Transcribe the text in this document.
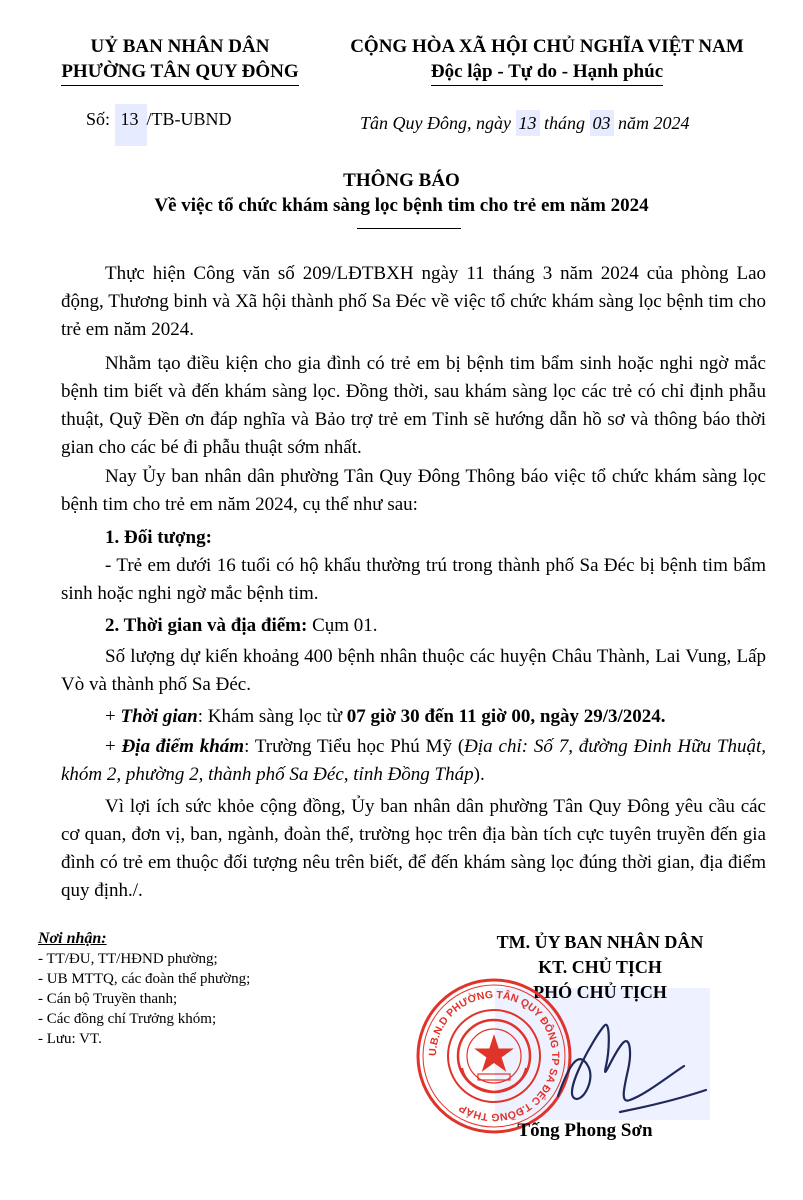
UỶ BAN NHÂN DÂN
PHƯỜNG TÂN QUY ĐÔNG
CỘNG HÒA XÃ HỘI CHỦ NGHĨA VIỆT NAM
Độc lập - Tự do - Hạnh phúc
Số: 13 /TB-UBND	Tân Quy Đông, ngày 13 tháng 03 năm 2024
THÔNG BÁO
Về việc tổ chức khám sàng lọc bệnh tim cho trẻ em năm 2024
Thực hiện Công văn số 209/LĐTBXH ngày 11 tháng 3 năm 2024 của phòng Lao động, Thương binh và Xã hội thành phố Sa Đéc về việc tổ chức khám sàng lọc bệnh tim cho trẻ em năm 2024.
Nhằm tạo điều kiện cho gia đình có trẻ em bị bệnh tim bẩm sinh hoặc nghi ngờ mắc bệnh tim biết và đến khám sàng lọc. Đồng thời, sau khám sàng lọc các trẻ có chỉ định phẫu thuật, Quỹ Đền ơn đáp nghĩa và Bảo trợ trẻ em Tỉnh sẽ hướng dẫn hồ sơ và thông báo thời gian cho các bé đi phẫu thuật sớm nhất.
Nay Ủy ban nhân dân phường Tân Quy Đông Thông báo việc tổ chức khám sàng lọc bệnh tim cho trẻ em năm 2024, cụ thể như sau:
1. Đối tượng:
- Trẻ em dưới 16 tuổi có hộ khẩu thường trú trong thành phố Sa Đéc bị bệnh tim bẩm sinh hoặc nghi ngờ mắc bệnh tim.
2. Thời gian và địa điểm: Cụm 01.
Số lượng dự kiến khoảng 400 bệnh nhân thuộc các huyện Châu Thành, Lai Vung, Lấp Vò và thành phố Sa Đéc.
+ Thời gian: Khám sàng lọc từ 07 giờ 30 đến 11 giờ 00, ngày 29/3/2024.
+ Địa điểm khám: Trường Tiểu học Phú Mỹ (Địa chỉ: Số 7, đường Đinh Hữu Thuật, khóm 2, phường 2, thành phố Sa Đéc, tỉnh Đồng Tháp).
Vì lợi ích sức khỏe cộng đồng, Ủy ban nhân dân phường Tân Quy Đông yêu cầu các cơ quan, đơn vị, ban, ngành, đoàn thể, trường học trên địa bàn tích cực tuyên truyền đến gia đình có trẻ em thuộc đối tượng nêu trên biết, để đến khám sàng lọc đúng thời gian, địa điểm quy định./.
Nơi nhận:
- TT/ĐU, TT/HĐND phường;
- UB MTTQ, các đoàn thể phường;
- Cán bộ Truyền thanh;
- Các đồng chí Trưởng khóm;
- Lưu: VT.
TM. ỦY BAN NHÂN DÂN
KT. CHỦ TỊCH
PHÓ CHỦ TỊCH
U.B.N.D PHƯỜNG TÂN QUY ĐÔNG TP SA ĐÉC T.ĐỒNG THÁP
Tống Phong Sơn
